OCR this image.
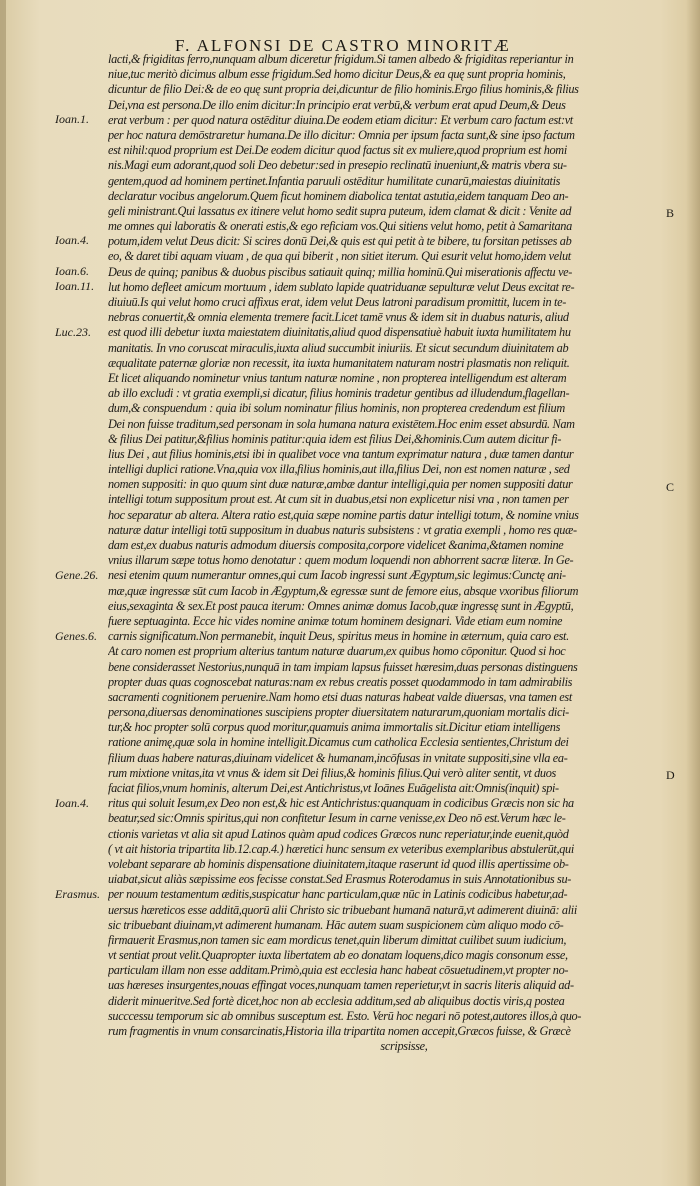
F. ALFONSI DE CASTRO MINORITÆ
lacti,& frigiditas ferro,nunquam album diceretur frigidum.Si tamen albedo & frigiditas reperiantur in
niue,tuc meritò dicimus album esse frigidum.Sed homo dicitur Deus,& ea quę sunt propria hominis,
dicuntur de filio Dei:& de eo quę sunt propria dei,dicuntur de filio hominis.Ergo filius hominis,& filius
Dei,vna est persona.De illo enim dicitur:In principio erat verbū,& verbum erat apud Deum,& Deus
erat verbum : per quod natura ostēditur diuina.De eodem etiam dicitur: Et verbum caro factum est:vt
per hoc natura demōstraretur humana.De illo dicitur: Omnia per ipsum facta sunt,& sine ipso factum
est nihil:quod proprium est Dei.De eodem dicitur quod factus sit ex muliere,quod proprium est homi
nis.Magi eum adorant,quod soli Deo debetur:sed in presepio reclinatū inueniunt,& matris vbera su-
gentem,quod ad hominem pertinet.Infantia paruuli ostēditur humilitate cunarū,maiestas diuinitatis
declaratur vocibus angelorum.Quem ficut hominem diabolica tentat astutia,eidem tanquam Deo an-
geli ministrant.Qui lassatus ex itinere velut homo sedit supra puteum, idem clamat & dicit : Venite ad
me omnes qui laboratis & onerati estis,& ego reficiam vos.Qui sitiens velut homo, petit à Samaritana
potum,idem velut Deus dicit: Si scires donū Dei,& quis est qui petit à te bibere, tu forsitan petisses ab
eo, & daret tibi aquam viuam , de qua qui biberit , non sitiet iterum. Qui esurit velut homo,idem velut
Deus de quinq; panibus & duobus piscibus satiauit quinq; millia hominū.Qui miserationis affectu ve-
lut homo defleet amicum mortuum , idem sublato lapide quatriduanæ sepulturæ velut Deus excitat re-
diuiuū.Is qui velut homo cruci affixus erat, idem velut Deus latroni paradisum promittit, lucem in te-
nebras conuertit,& omnia elementa tremere facit.Licet tamē vnus & idem sit in duabus naturis, aliud
est quod illi debetur iuxta maiestatem diuinitatis,aliud quod dispensatiuè habuit iuxta humilitatem hu
manitatis. In vno coruscat miraculis,iuxta aliud succumbit iniuriis. Et sicut secundum diuinitatem ab
æqualitate paternæ gloriæ non recessit, ita iuxta humanitatem naturam nostri plasmatis non reliquit.
Et licet aliquando nominetur vnius tantum naturæ nomine , non propterea intelligendum est alteram
ab illo excludi : vt gratia exempli,si dicatur, filius hominis tradetur gentibus ad illudendum,flagellan-
dum,& conspuendum : quia ibi solum nominatur filius hominis, non propterea credendum est filium
Dei non fuisse traditum,sed personam in sola humana natura existētem.Hoc enim esset absurdū. Nam
& filius Dei patitur,&filius hominis patitur:quia idem est filius Dei,&hominis.Cum autem dicitur fi-
lius Dei , aut filius hominis,etsi ibi in qualibet voce vna tantum exprimatur natura , duæ tamen dantur
intelligi duplici ratione.Vna,quia vox illa,filius hominis,aut illa,filius Dei, non est nomen naturæ , sed
nomen suppositi: in quo quum sint duæ naturæ,ambæ dantur intelligi,quia per nomen suppositi datur
intelligi totum suppositum prout est. At cum sit in duabus,etsi non explicetur nisi vna , non tamen per
hoc separatur ab altera. Altera ratio est,quia sæpe nomine partis datur intelligi totum, & nomine vnius
naturæ datur intelligi totū suppositum in duabus naturis subsistens : vt gratia exempli , homo res quæ-
dam est,ex duabus naturis admodum diuersis composita,corpore videlicet &anima,&tamen nomine
vnius illarum sæpe totus homo denotatur : quem modum loquendi non abhorrent sacræ literæ. In Ge-
nesi etenim quum numerantur omnes,qui cum Iacob ingressi sunt Ægyptum,sic legimus:Cunctę ani-
mæ,quæ ingressæ sūt cum Iacob in Ægyptum,& egressæ sunt de femore eius, absque vxoribus filiorum
eius,sexaginta & sex.Et post pauca iterum: Omnes animæ domus Iacob,quæ ingressę sunt in Ægyptū,
fuere septuaginta. Ecce hic vides nomine animæ totum hominem designari. Vide etiam eum nomine
carnis significatum.Non permanebit, inquit Deus, spiritus meus in homine in æternum, quia caro est.
At caro nomen est proprium alterius tantum naturæ duarum,ex quibus homo cōponitur. Quod si hoc
bene considerasset Nestorius,nunquā in tam impiam lapsus fuisset hæresim,duas personas distinguens
propter duas quas cognoscebat naturas:nam ex rebus creatis posset quodammodo in tam admirabilis
sacramenti cognitionem peruenire.Nam homo etsi duas naturas habeat valde diuersas, vna tamen est
persona,diuersas denominationes suscipiens propter diuersitatem naturarum,quoniam mortalis dici-
tur,& hoc propter solū corpus quod moritur,quamuis anima immortalis sit.Dicitur etiam intelligens
ratione animę,quæ sola in homine intelligit.Dicamus cum catholica Ecclesia sentientes,Christum dei
filium duas habere naturas,diuinam videlicet & humanam,incōfusas in vnitate suppositi,sine vlla ea-
rum mixtione vnitas,ita vt vnus & idem sit Dei filius,& hominis filius.Qui verò aliter sentit, vt duos
faciat filios,vnum hominis, alterum Dei,est Antichristus,vt Ioānes Euāgelista ait:Omnis(inquit) spi-
ritus qui soluit Iesum,ex Deo non est,& hic est Antichristus:quanquam in codicibus Græcis non sic ha
beatur,sed sic:Omnis spiritus,qui non confitetur Iesum in carne venisse,ex Deo nō est.Verum hæc le-
ctionis varietas vt alia sit apud Latinos quàm apud codices Græcos nunc reperiatur,inde euenit,quòd
( vt ait historia tripartita lib.12.cap.4.) hæretici hunc sensum ex veteribus exemplaribus abstulerūt,qui
volebant separare ab hominis dispensatione diuinitatem,itaque raserunt id quod illis apertissime ob-
uiabat,sicut aliàs sæpissime eos fecisse constat.Sed Erasmus Roterodamus in suis Annotationibus su-
per nouum testamentum æditis,suspicatur hanc particulam,quæ nūc in Latinis codicibus habetur,ad-
uersus hæreticos esse additā,quorū alii Christo sic tribuebant humanā naturā,vt adimerent diuinā: alii
sic tribuebant diuinam,vt adimerent humanam. Hāc autem suam suspicionem cùm aliquo modo cō-
firmauerit Erasmus,non tamen sic eam mordicus tenet,quin liberum dimittat cuilibet suum iudicium,
vt sentiat prout velit.Quapropter iuxta libertatem ab eo donatam loquens,dico magis consonum esse,
particulam illam non esse additam.Primò,quia est ecclesia hanc habeat cōsuetudinem,vt propter no-
uas hæreses insurgentes,nouas effingat voces,nunquam tamen reperietur,vt in sacris literis aliquid ad-
diderit minueritve.Sed fortè dicet,hoc non ab ecclesia additum,sed ab aliquibus doctis viris,q postea
succcessu temporum sic ab omnibus susceptum est. Esto. Verū hoc negari nō potest,autores illos,à quo-
rum fragmentis in vnum consarcinatis,Historia illa tripartita nomen accepit,Græcos fuisse, & Græcè
scripsisse,
Ioan.1.
Ioan.4.
Ioan.6.
Ioan.11.
Luc.23.
Gene.26.
Genes.6.
Ioan.4.
Erasmus.
B
C
D
